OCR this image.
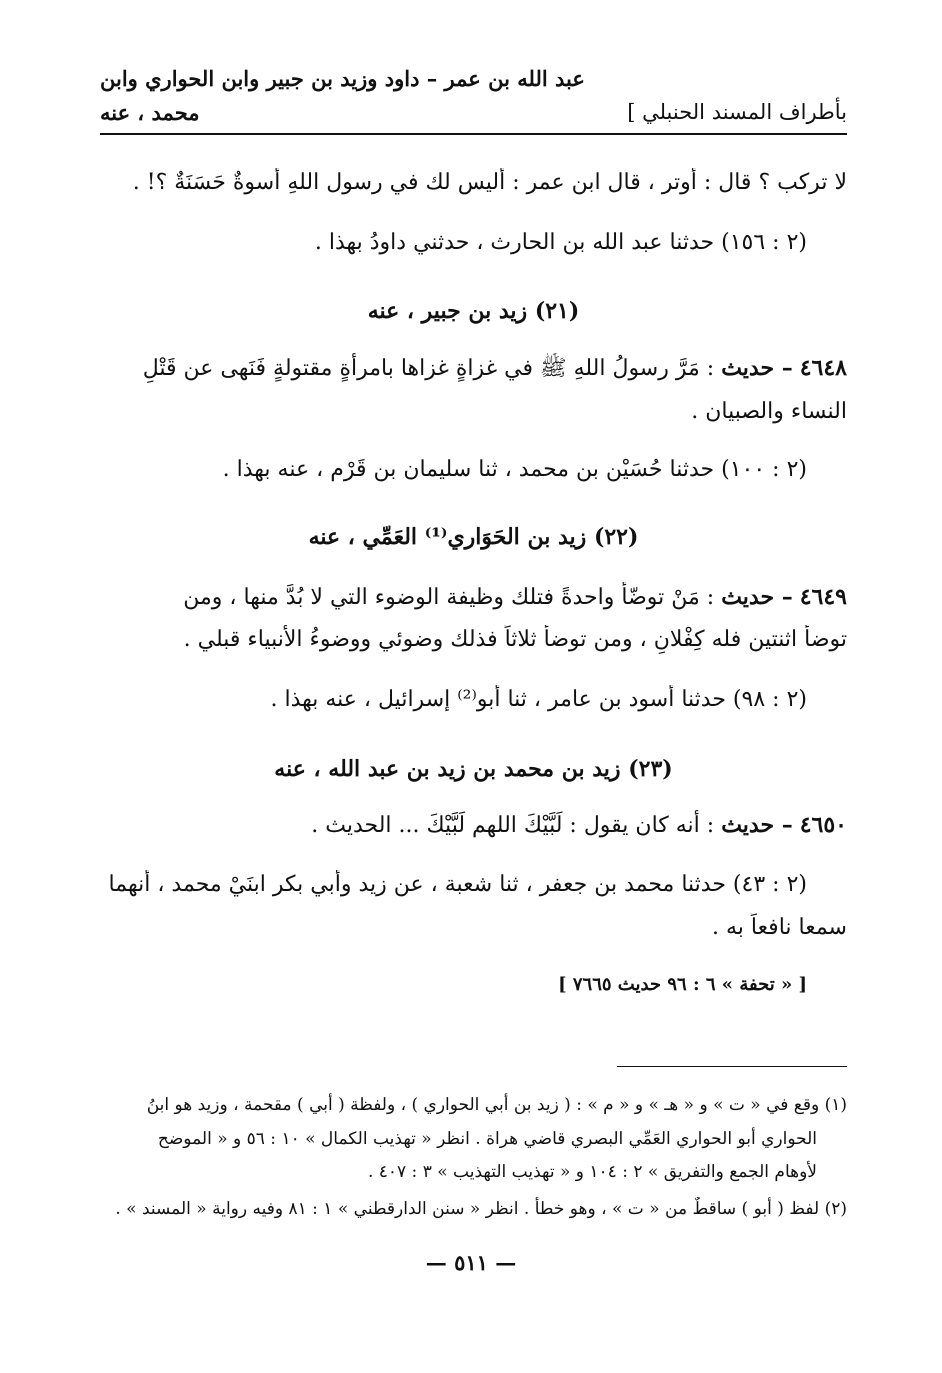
عبد الله بن عمر – داود وزيد بن جبير وابن الحواري وابن
بأطراف المسند الحنبلي ]
محمد ، عنه
لا تركب ؟ قال : أُوتر ، قال ابن عمر : أليس لك في رسول اللهِ أُسوةٌ حَسَنَةٌ ؟! .
(٢ : ١٥٦) حدثنا عبد الله بن الحارث ، حدثني داودُ بهذا .
(٢١) زيد بن جبير ، عنه
٤٦٤٨ – حديث : مَرَّ رسولُ اللهِ ﷺ في غزاةٍ غزاها بامرأةٍ مقتولةٍ فَنَهى عن قَتْلِ
النساء والصبيان .
(٢ : ١٠٠) حدثنا حُسَيْن بن محمد ، ثنا سليمان بن قَرْم ، عنه بهذا .
(٢٢) زيد بن الحَوَاري⁽¹⁾ العَمِّي ، عنه
٤٦٤٩ – حديث : مَنْ توضّأ واحدةً فتلك وظيفة الوضوء التي لا بُدَّ منها ، ومن
توضأ اثنتين فله كِفْلانِ ، ومن توضأ ثلاثاً فذلك وضوئي ووضوءُ الأنبياء قبلي .
(٢ : ٩٨) حدثنا أسود بن عامر ، ثنا أبو⁽²⁾ إسرائيل ، عنه بهذا .
(٢٣) زيد بن محمد بن زيد بن عبد الله ، عنه
٤٦٥٠ – حديث : أنه كان يقول : لَبَّيْكَ اللهم لَبَّيْكَ ... الحديث .
(٢ : ٤٣) حدثنا محمد بن جعفر ، ثنا شعبة ، عن زيد وأبي بكر ابنَيْ محمد ، أنهما
سمعا نافعاً به .
[ « تحفة » ٦ : ٩٦ حديث ٧٦٦٥ ]
(١) وقع في « ت » و « هـ » و « م » : ( زيد بن أبي الحواري ) ، ولفظة ( أبي ) مقحمة ، وزيد هو ابنُ
الحواري أبو الحواري العَمِّي البصري قاضي هراة . انظر « تهذيب الكمال » ١٠ : ٥٦ و « الموضح
لأوهام الجمع والتفريق » ٢ : ١٠٤ و « تهذيب التهذيب » ٣ : ٤٠٧ .
(٢) لفظ ( أبو ) ساقطٌ من « ت » ، وهو خطأ . انظر « سنن الدارقطني » ١ : ٨١ وفيه رواية « المسند » .
— ٥١١ —
